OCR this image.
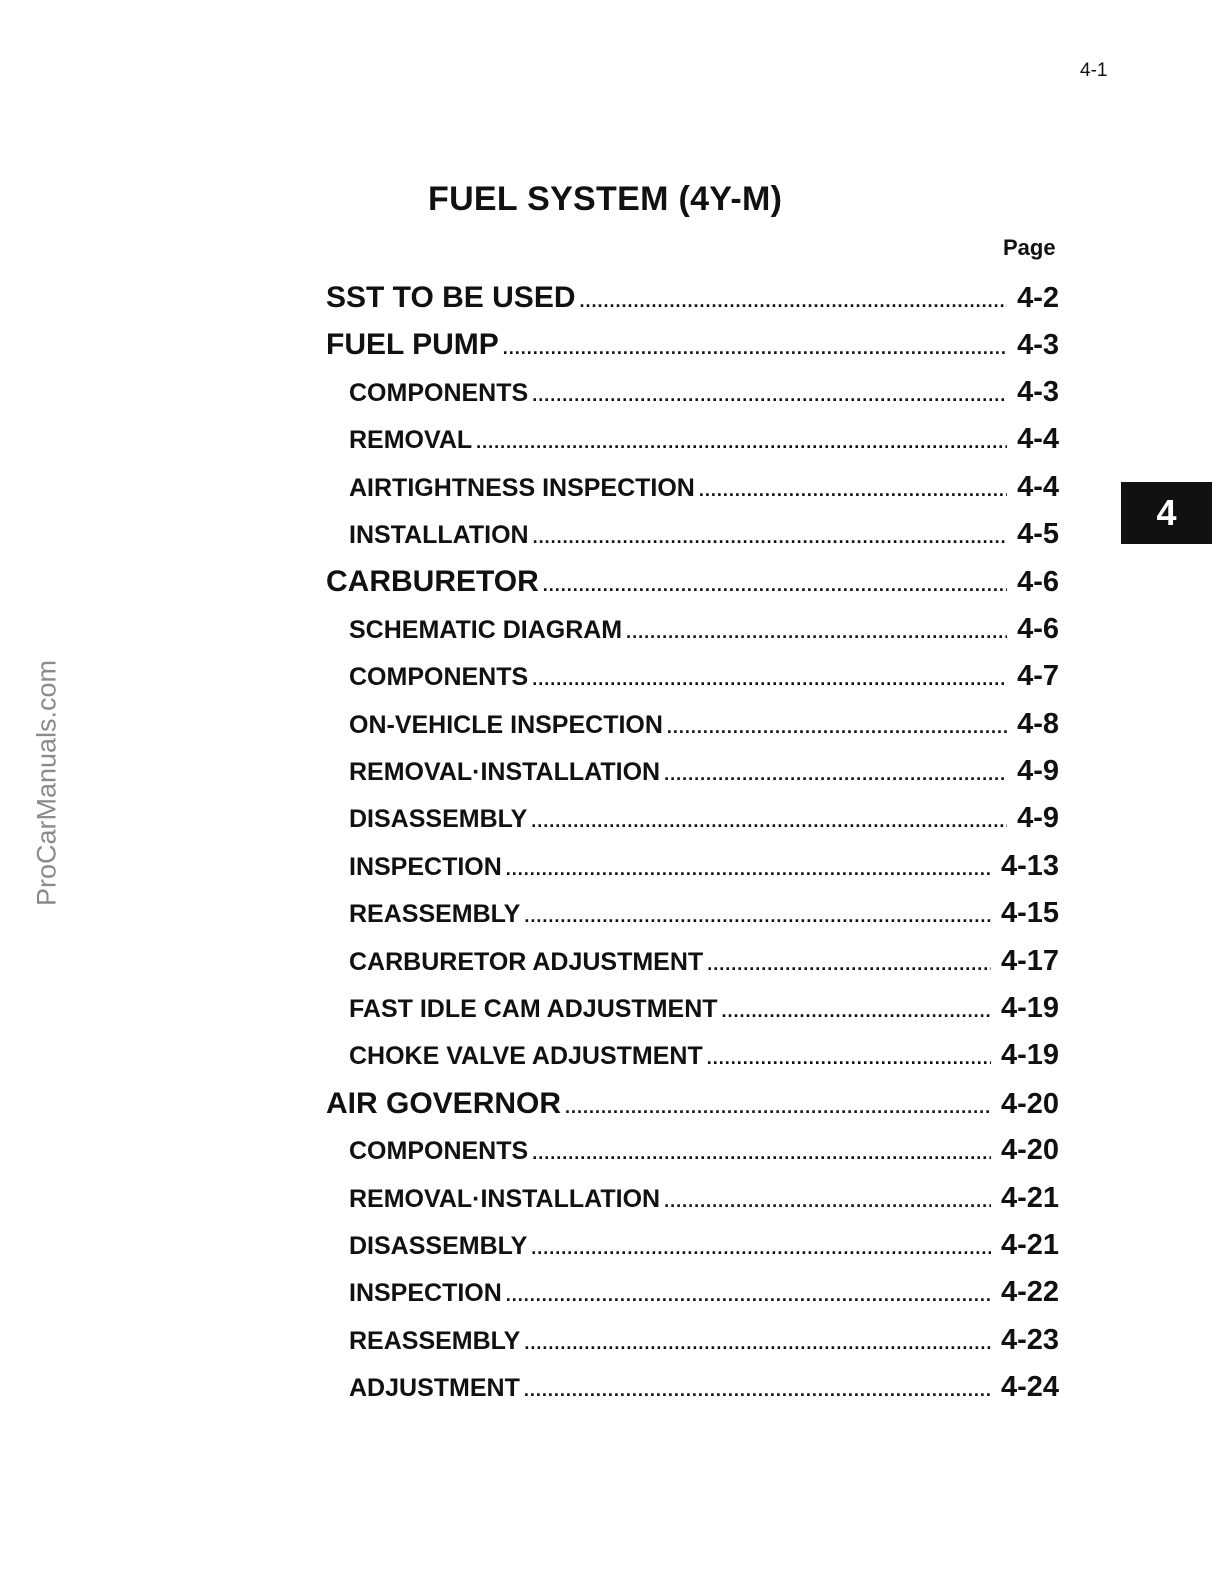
4-1
FUEL SYSTEM (4Y-M)
Page
4
ProCarManuals.com
SST TO BE USED .....	4-2
FUEL PUMP .....	4-3
COMPONENTS .....	4-3
REMOVAL .....	4-4
AIRTIGHTNESS INSPECTION .....	4-4
INSTALLATION .....	4-5
CARBURETOR .....	4-6
SCHEMATIC DIAGRAM .....	4-6
COMPONENTS .....	4-7
ON-VEHICLE INSPECTION .....	4-8
REMOVAL·INSTALLATION .....	4-9
DISASSEMBLY .....	4-9
INSPECTION .....	4-13
REASSEMBLY .....	4-15
CARBURETOR ADJUSTMENT .....	4-17
FAST IDLE CAM ADJUSTMENT .....	4-19
CHOKE VALVE ADJUSTMENT .....	4-19
AIR GOVERNOR .....	4-20
COMPONENTS .....	4-20
REMOVAL·INSTALLATION .....	4-21
DISASSEMBLY .....	4-21
INSPECTION .....	4-22
REASSEMBLY .....	4-23
ADJUSTMENT .....	4-24
